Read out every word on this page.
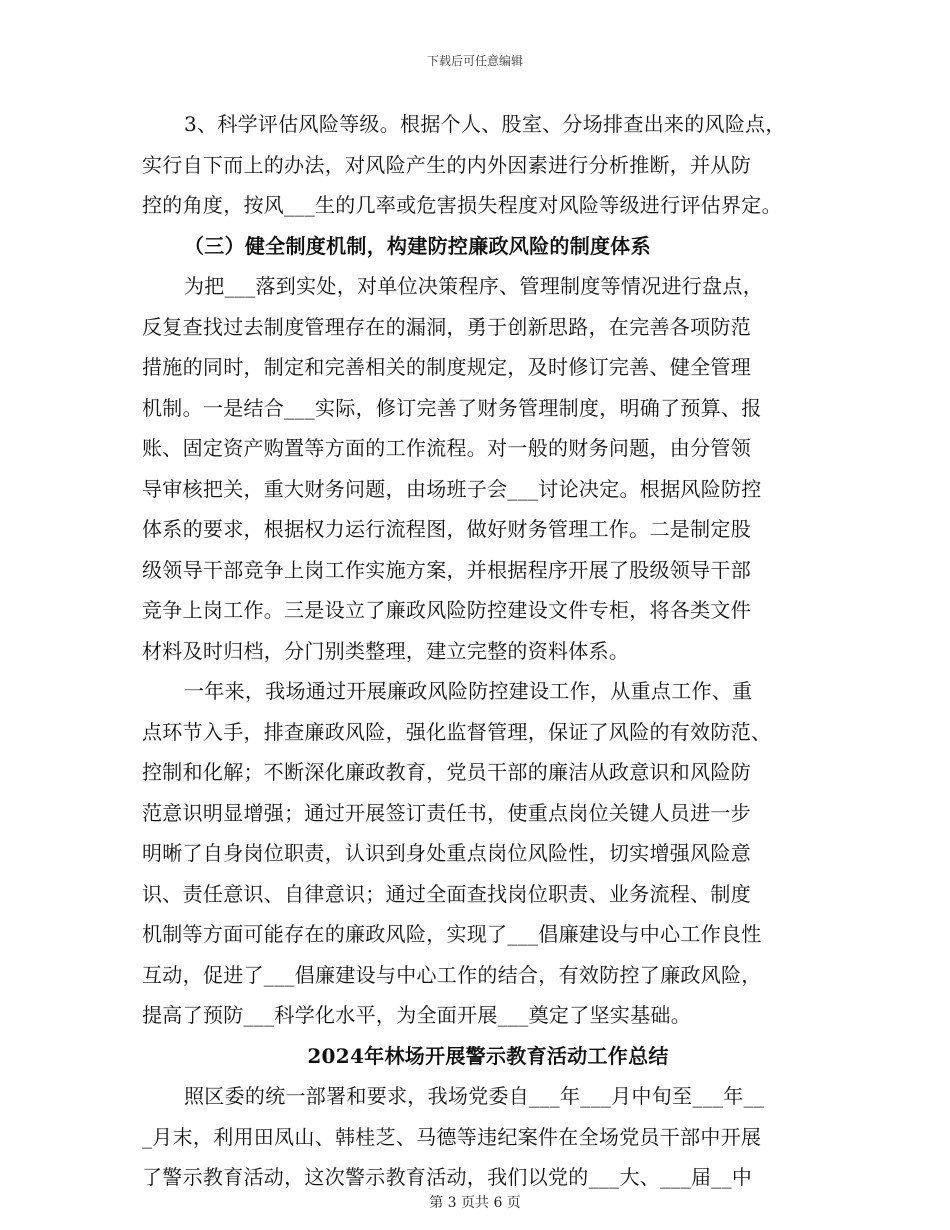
下载后可任意编辑
3、科学评估风险等级。根据个人、股室、分场排查出来的风险点，
实行自下而上的办法，对风险产生的内外因素进行分析推断，并从防
控的角度，按风___生的几率或危害损失程度对风险等级进行评估界定。
（三）健全制度机制，构建防控廉政风险的制度体系
为把___落到实处，对单位决策程序、管理制度等情况进行盘点，
反复查找过去制度管理存在的漏洞，勇于创新思路，在完善各项防范
措施的同时，制定和完善相关的制度规定，及时修订完善、健全管理
机制。一是结合___实际，修订完善了财务管理制度，明确了预算、报
账、固定资产购置等方面的工作流程。对一般的财务问题，由分管领
导审核把关，重大财务问题，由场班子会___讨论决定。根据风险防控
体系的要求，根据权力运行流程图，做好财务管理工作。二是制定股
级领导干部竞争上岗工作实施方案，并根据程序开展了股级领导干部
竞争上岗工作。三是设立了廉政风险防控建设文件专柜，将各类文件
材料及时归档，分门别类整理，建立完整的资料体系。
一年来，我场通过开展廉政风险防控建设工作，从重点工作、重
点环节入手，排查廉政风险，强化监督管理，保证了风险的有效防范、
控制和化解；不断深化廉政教育，党员干部的廉洁从政意识和风险防
范意识明显增强；通过开展签订责任书，使重点岗位关键人员进一步
明晰了自身岗位职责，认识到身处重点岗位风险性，切实增强风险意
识、责任意识、自律意识；通过全面查找岗位职责、业务流程、制度
机制等方面可能存在的廉政风险，实现了___倡廉建设与中心工作良性
互动，促进了___倡廉建设与中心工作的结合，有效防控了廉政风险，
提高了预防___科学化水平，为全面开展___奠定了坚实基础。
2024年林场开展警示教育活动工作总结
照区委的统一部署和要求，我场党委自___年___月中旬至___年__
_月末，利用田凤山、韩桂芝、马德等违纪案件在全场党员干部中开展
了警示教育活动，这次警示教育活动，我们以党的___大、___届__中
第 3 页共 6 页
